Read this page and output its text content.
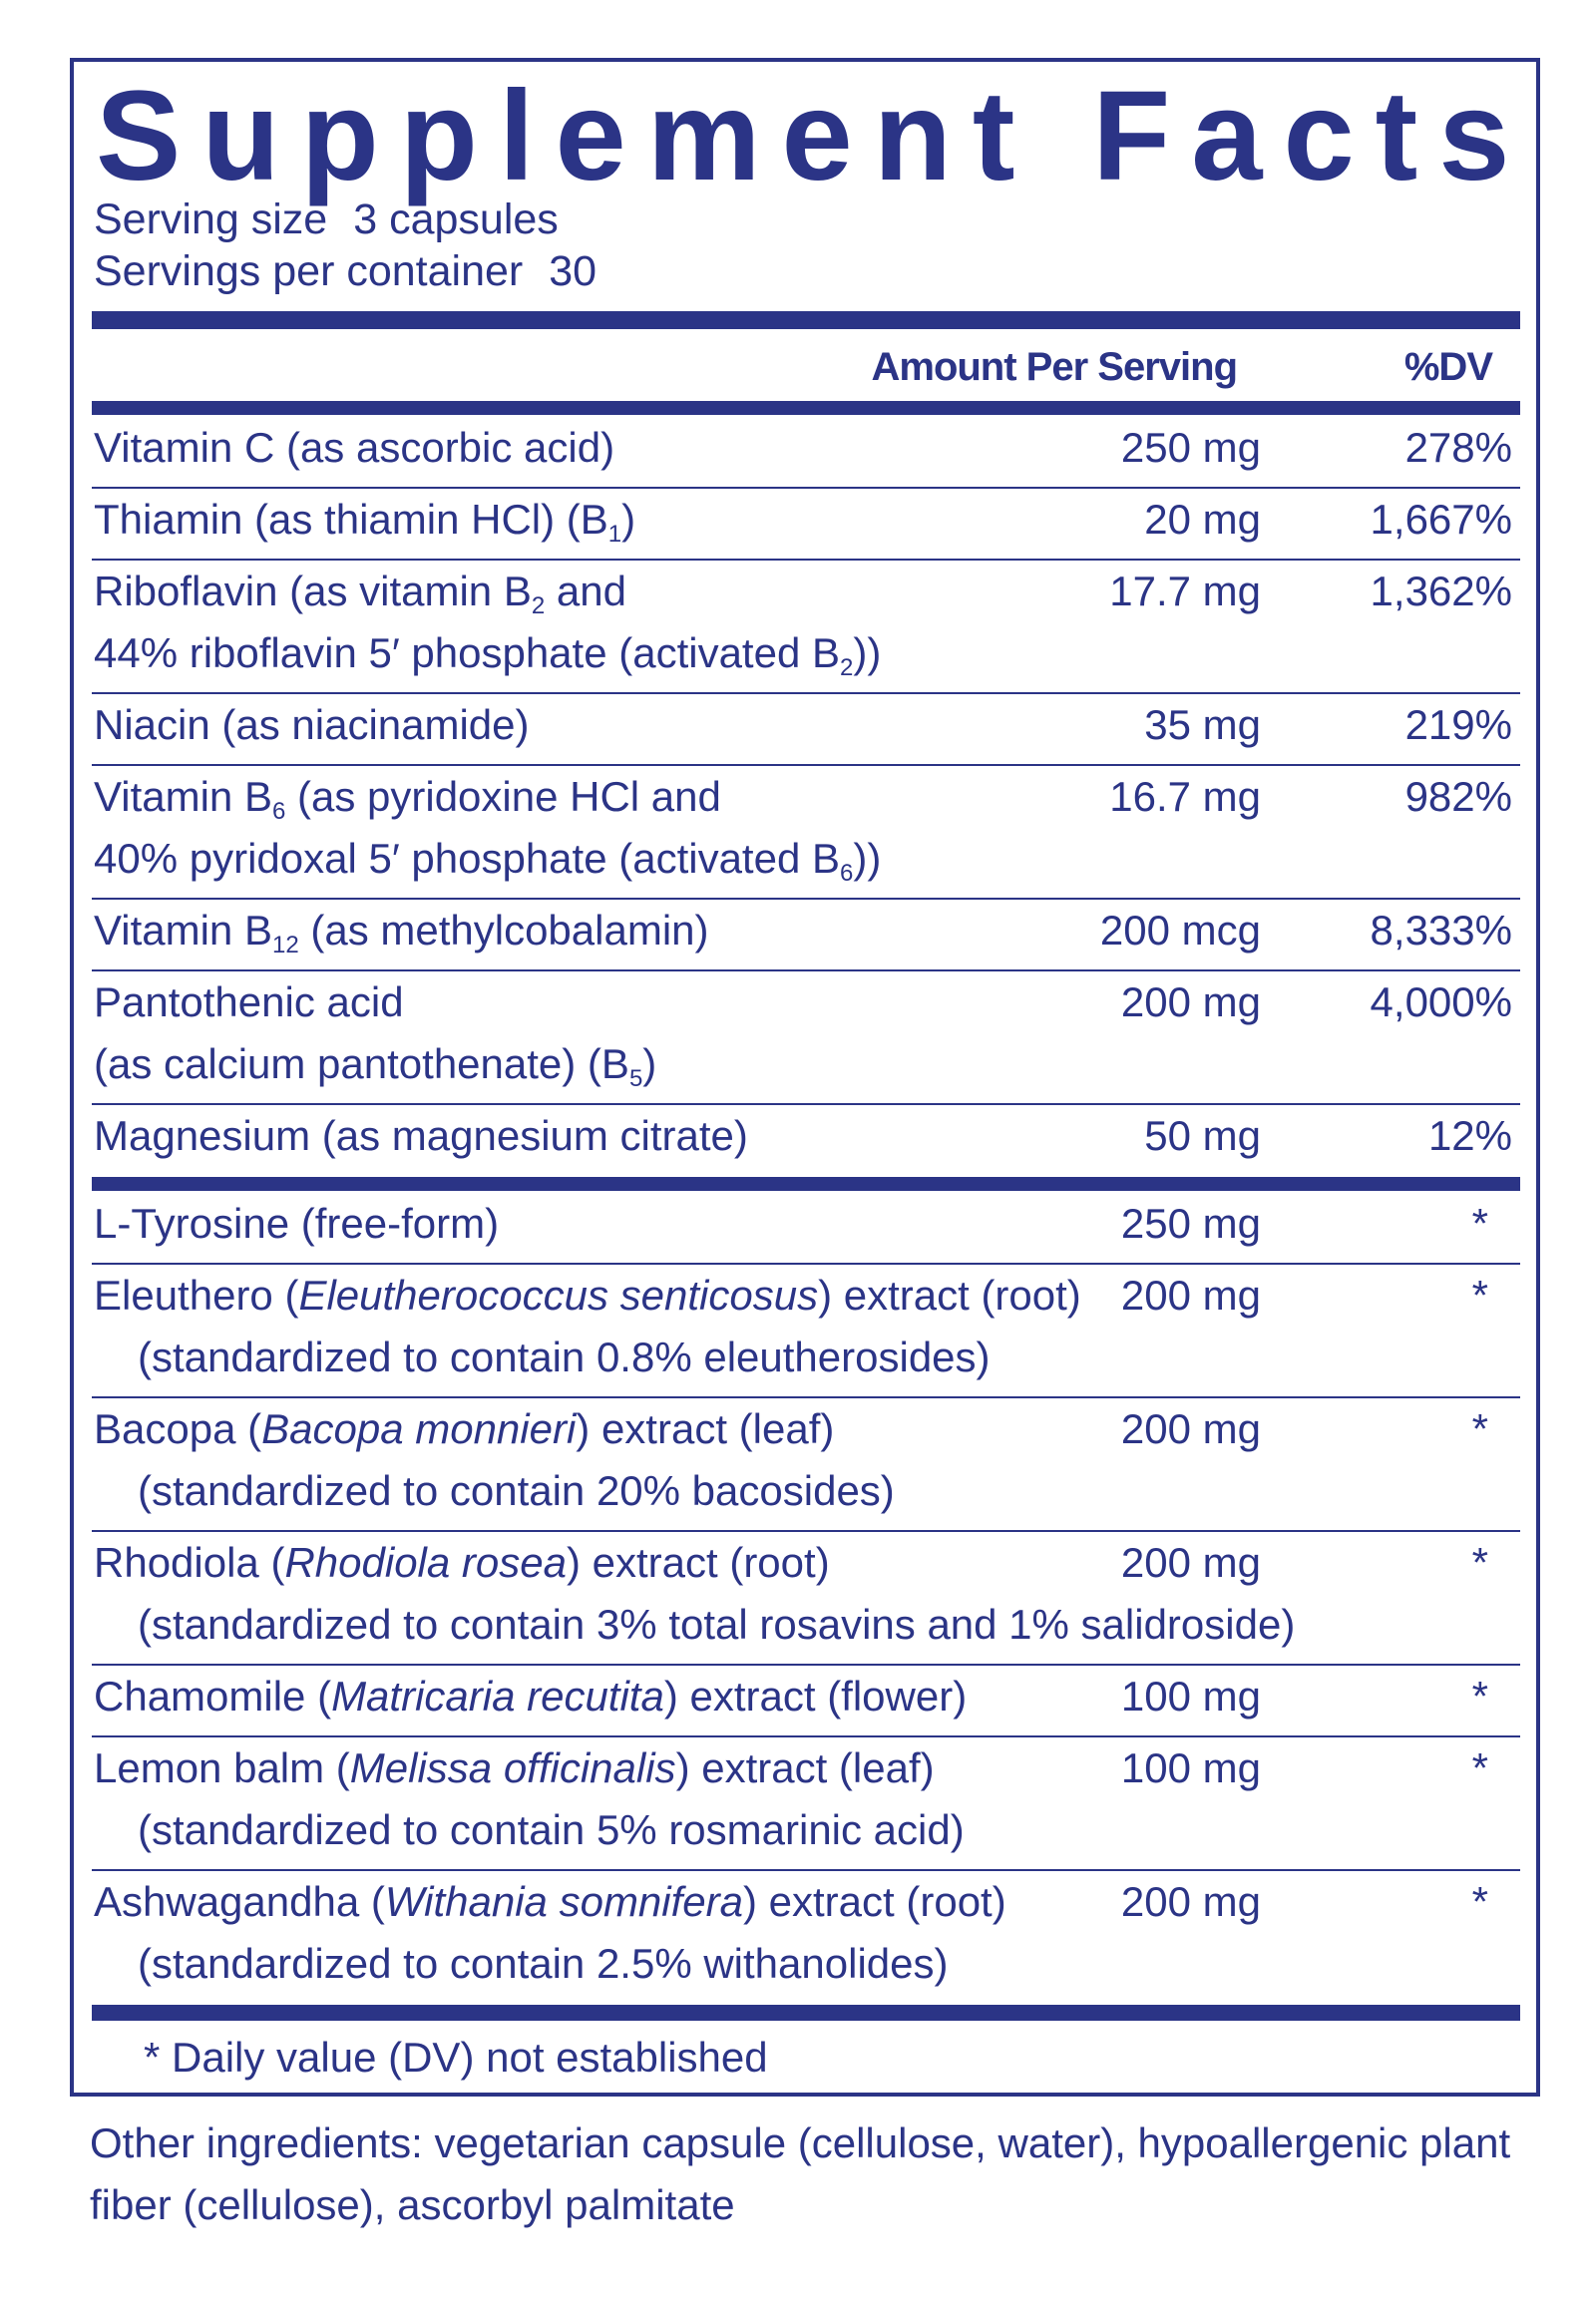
Supplement Facts
Serving size 3 capsules
Servings per container 30
Amount Per Serving	%DV
Vitamin C (as ascorbic acid)	250 mg	278%
Thiamin (as thiamin HCl) $(B_1)$	20 mg	1,667%
Riboflavin (as vitamin $B_2$ and
44% riboflavin 5′ phosphate (activated $B_2$))
17.7 mg	1,362%
Niacin (as niacinamide)	35 mg	219%
Vitamin $B_6$ (as pyridoxine HCl and
40% pyridoxal 5′ phosphate (activated $B_6$))
16.7 mg	982%
Vitamin $B_{12}$ (as methylcobalamin)	200 mcg	8,333%
Pantothenic acid
(as calcium pantothenate) $(B_5)$
200 mg	4,000%
Magnesium (as magnesium citrate)	50 mg	12%
L-Tyrosine (free-form)	250 mg	*
Eleuthero (Eleutherococcus senticosus) extract (root)
(standardized to contain 0.8% eleutherosides)
200 mg	*
Bacopa (Bacopa monnieri) extract (leaf)
(standardized to contain 20% bacosides)
200 mg	*
Rhodiola (Rhodiola rosea) extract (root)
(standardized to contain 3% total rosavins and 1% salidroside)
200 mg	*
Chamomile (Matricaria recutita) extract (flower)	100 mg	*
Lemon balm (Melissa officinalis) extract (leaf)
(standardized to contain 5% rosmarinic acid)
100 mg	*
Ashwagandha (Withania somnifera) extract (root)
(standardized to contain 2.5% withanolides)
200 mg	*
* Daily value (DV) not established
Other ingredients: vegetarian capsule (cellulose, water), hypoallergenic plant fiber (cellulose), ascorbyl palmitate
